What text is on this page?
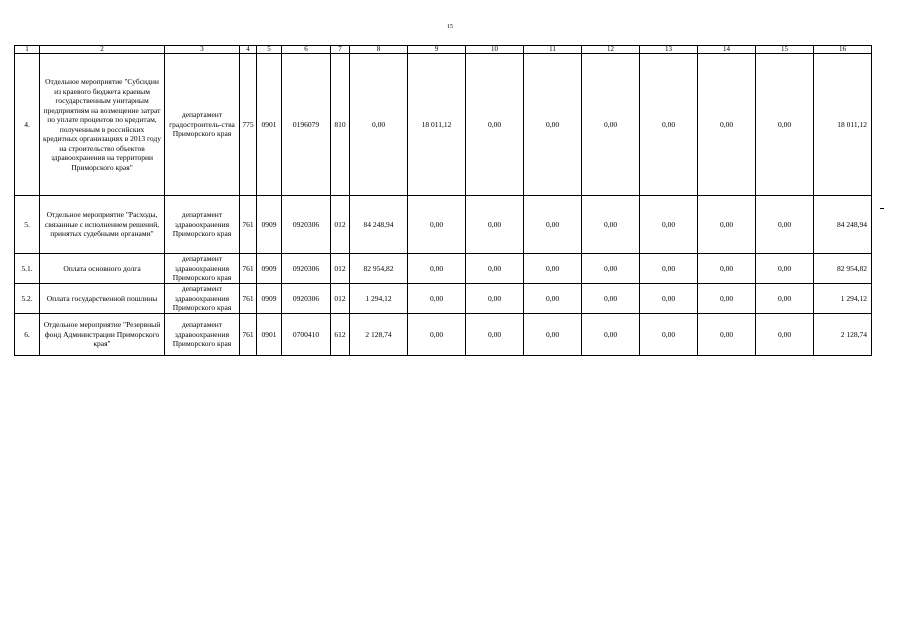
15
1	2	3	4	5	6	7	8	9	10	11	12	13	14	15	16
4.	Отдельное мероприятие "Субсидии из краевого бюджета краевым государственным унитарным предприятиям на возмещение затрат по уплате процентов по кредитам, полученным в российских кредитных организациях в 2013 году на строительство объектов здравоохранения на территории Приморского края"	департамент градостроитель-ства Приморского края	775	0901	0196079	810	0,00	18 011,12	0,00	0,00	0,00	0,00	0,00	0,00	18 011,12
5.	Отдельное мероприятие "Расходы, связанные с исполнением решений, принятых судебными органами"	департамент здравоохранения Приморского края	761	0909	0920306	012	84 248,94	0,00	0,00	0,00	0,00	0,00	0,00	0,00	84 248,94
5.1.	Оплата основного долга	департамент здравоохранения Приморского края	761	0909	0920306	012	82 954,82	0,00	0,00	0,00	0,00	0,00	0,00	0,00	82 954,82
5.2.	Оплата государственной пошлины	департамент здравоохранения Приморского края	761	0909	0920306	012	1 294,12	0,00	0,00	0,00	0,00	0,00	0,00	0,00	1 294,12
6.	Отдельное мероприятие "Резервный фонд Администрации Приморского края"	департамент здравоохранения Приморского края	761	0901	0700410	612	2 128,74	0,00	0,00	0,00	0,00	0,00	0,00	0,00	2 128,74
